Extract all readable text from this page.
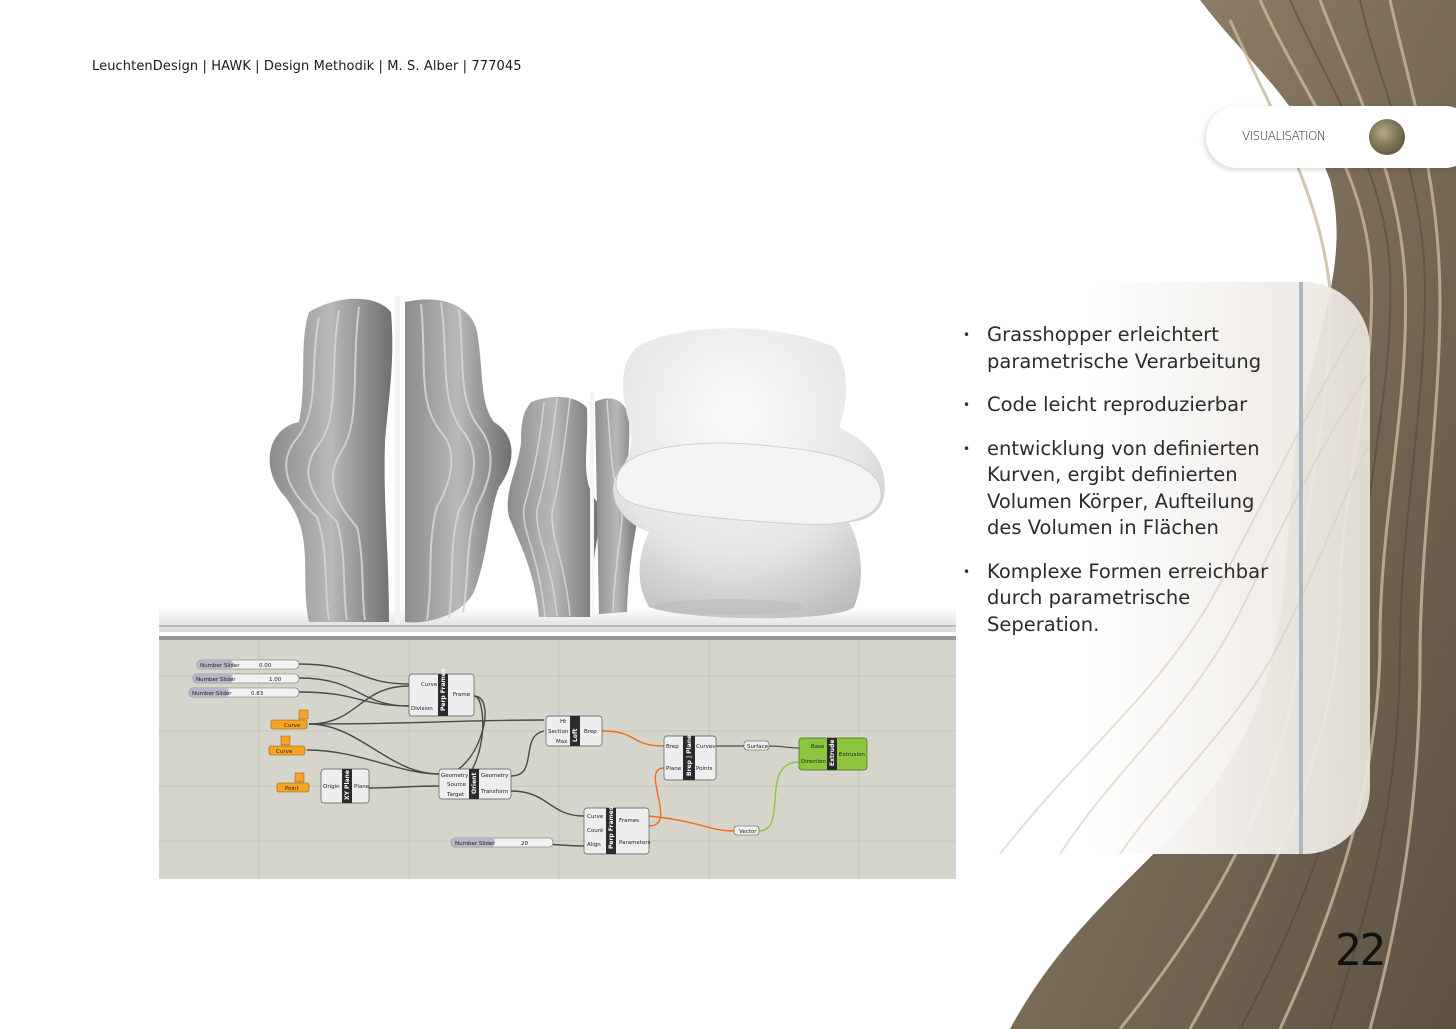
LeuchtenDesign | HAWK | Design Methodik | M. S. Alber | 777045
VISUALISATION
• Grasshopper erleichtert parametrische Verarbeitung
• Code leicht reproduzierbar
• entwicklung von definierten Kurven, ergibt definierten Volumen Körper, Aufteilung des Volumen in Flächen
• Komplexe Formen erreichbar durch parametrische Seperation.
Number Slider	0.00
Number Slider	1.00
Number Slider	0.83
Number Slider	20
Curve
Curve
Point
Perp Frames
Curve
Division
Frame
XY Plane
Origin	Plane	Orient
Geometry
Source
Target
Geometry
Transform
Loft
Ht
Section
Max
Brep
Brep | Plane
Brep
Plane
Curves
Points
Extrude
Base
Direction
Extrusion
Perp Frames
Curve
Count
Align
Frames
Parameters
Surface
Vector
22
